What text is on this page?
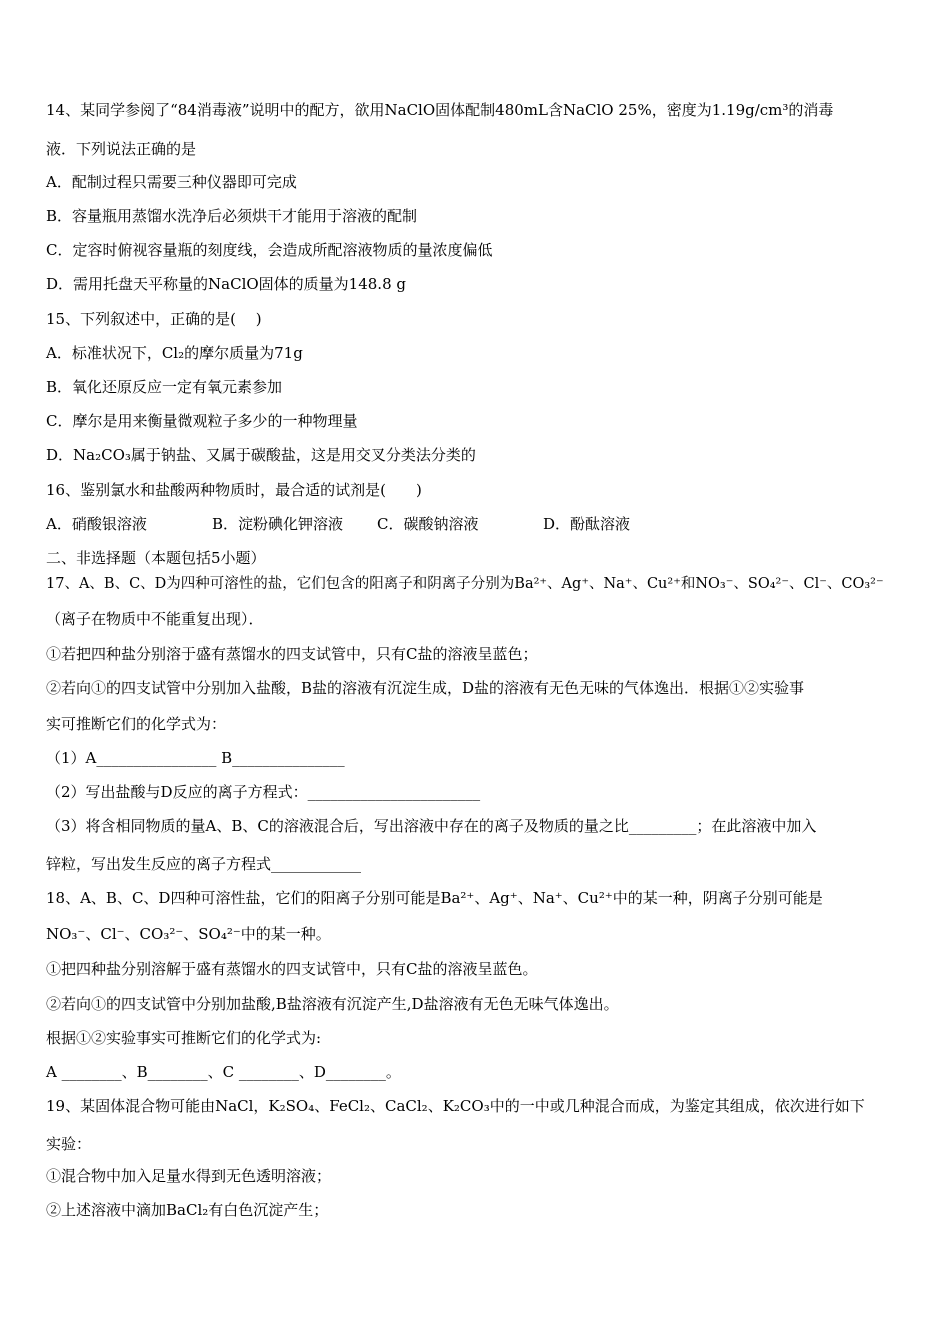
14、某同学参阅了“84消毒液”说明中的配方，欲用NaClO固体配制480mL含NaClO 25%，密度为1.19g/cm³的消毒
液．下列说法正确的是
A．配制过程只需要三种仪器即可完成
B．容量瓶用蒸馏水洗净后必须烘干才能用于溶液的配制
C．定容时俯视容量瓶的刻度线，会造成所配溶液物质的量浓度偏低
D．需用托盘天平称量的NaClO固体的质量为148.8 g
15、下列叙述中，正确的是(　 )
A．标准状况下，Cl₂的摩尔质量为71g
B．氧化还原反应一定有氧元素参加
C．摩尔是用来衡量微观粒子多少的一种物理量
D．Na₂CO₃属于钠盐、又属于碳酸盐，这是用交叉分类法分类的
16、鉴别氯水和盐酸两种物质时，最合适的试剂是(　　)
A．硝酸银溶液	B．淀粉碘化钾溶液 C．碳酸钠溶液	D．酚酞溶液
二、非选择题（本题包括5小题）
17、A、B、C、D为四种可溶性的盐，它们包含的阳离子和阴离子分别为Ba²⁺、Ag⁺、Na⁺、Cu²⁺和NO₃⁻、SO₄²⁻、Cl⁻、CO₃²⁻
（离子在物质中不能重复出现）．
①若把四种盐分别溶于盛有蒸馏水的四支试管中，只有C盐的溶液呈蓝色；
②若向①的四支试管中分别加入盐酸，B盐的溶液有沉淀生成，D盐的溶液有无色无味的气体逸出．根据①②实验事
实可推断它们的化学式为：
（1）A________________ B_______________
（2）写出盐酸与D反应的离子方程式：_______________________
（3）将含相同物质的量A、B、C的溶液混合后，写出溶液中存在的离子及物质的量之比_________；在此溶液中加入
锌粒，写出发生反应的离子方程式____________
18、A、B、C、D四种可溶性盐，它们的阳离子分别可能是Ba²⁺、Ag⁺、Na⁺、Cu²⁺中的某一种，阴离子分别可能是
NO₃⁻、Cl⁻、CO₃²⁻、SO₄²⁻中的某一种。
①把四种盐分别溶解于盛有蒸馏水的四支试管中，只有C盐的溶液呈蓝色。
②若向①的四支试管中分别加盐酸,B盐溶液有沉淀产生,D盐溶液有无色无味气体逸出。
根据①②实验事实可推断它们的化学式为:
A ________、B________、C ________、D________。
19、某固体混合物可能由NaCl，K₂SO₄、FeCl₂、CaCl₂、K₂CO₃中的一中或几种混合而成，为鉴定其组成，依次进行如下
实验：
①混合物中加入足量水得到无色透明溶液；
②上述溶液中滴加BaCl₂有白色沉淀产生；
